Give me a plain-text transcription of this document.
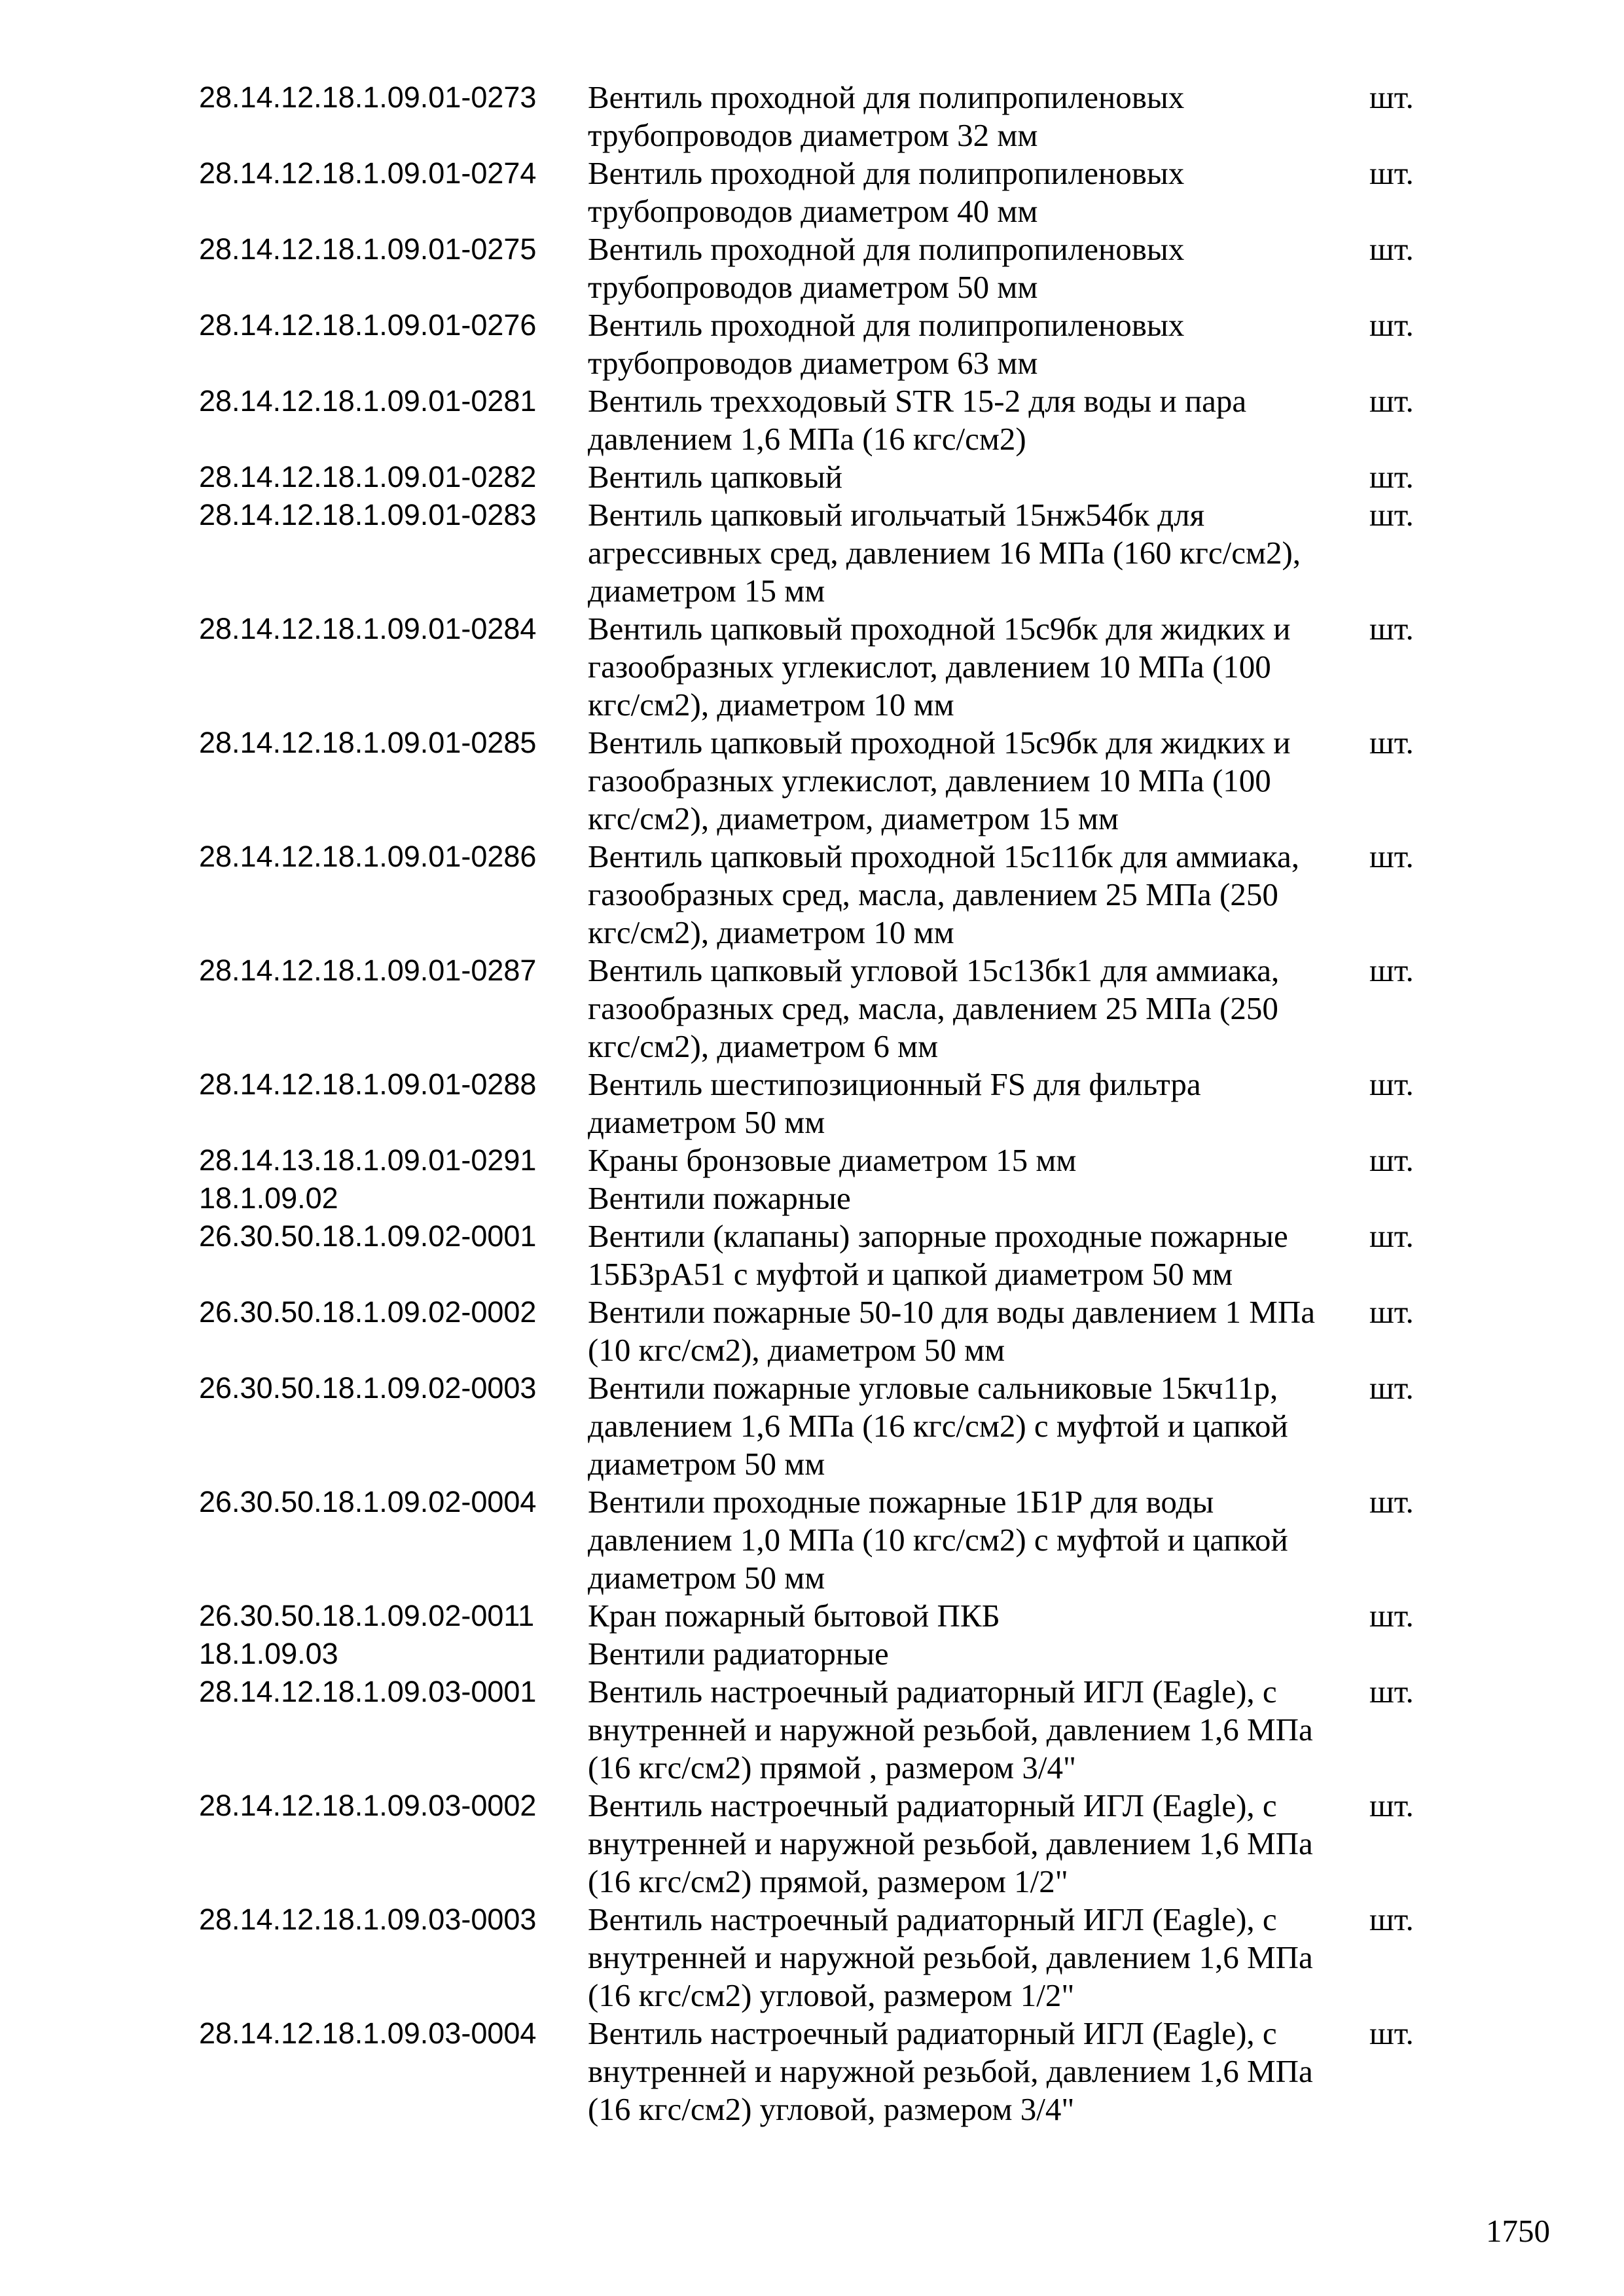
28.14.12.18.1.09.01-0273 Вентиль проходной для полипропиленовых
трубопроводов диаметром 32 мм
шт.
28.14.12.18.1.09.01-0274 Вентиль проходной для полипропиленовых
трубопроводов диаметром 40 мм
шт.
28.14.12.18.1.09.01-0275 Вентиль проходной для полипропиленовых
трубопроводов диаметром 50 мм
шт.
28.14.12.18.1.09.01-0276 Вентиль проходной для полипропиленовых
трубопроводов диаметром 63 мм
шт.
28.14.12.18.1.09.01-0281 Вентиль трехходовый STR 15-2 для воды и пара
давлением 1,6 МПа (16 кгс/см2)
шт.
28.14.12.18.1.09.01-0282 Вентиль цапковый	шт.
28.14.12.18.1.09.01-0283 Вентиль цапковый игольчатый 15нж54бк для
агрессивных сред, давлением 16 МПа (160 кгс/см2),
диаметром 15 мм
шт.
28.14.12.18.1.09.01-0284 Вентиль цапковый проходной 15с9бк для жидких и
газообразных углекислот, давлением 10 МПа (100
кгс/см2), диаметром 10 мм
шт.
28.14.12.18.1.09.01-0285 Вентиль цапковый проходной 15с9бк для жидких и
газообразных углекислот, давлением 10 МПа (100
кгс/см2), диаметром, диаметром 15 мм
шт.
28.14.12.18.1.09.01-0286 Вентиль цапковый проходной 15с11бк для аммиака,
газообразных сред, масла, давлением 25 МПа (250
кгс/см2), диаметром 10 мм
шт.
28.14.12.18.1.09.01-0287 Вентиль цапковый угловой 15с13бк1 для аммиака,
газообразных сред, масла, давлением 25 МПа (250
кгс/см2), диаметром 6 мм
шт.
28.14.12.18.1.09.01-0288 Вентиль шестипозиционный FS для фильтра
диаметром 50 мм
шт.
28.14.13.18.1.09.01-0291 Краны бронзовые диаметром 15 мм	шт.
18.1.09.02	Вентили пожарные
26.30.50.18.1.09.02-0001 Вентили (клапаны) запорные проходные пожарные
15Б3рА51 с муфтой и цапкой диаметром 50 мм
шт.
26.30.50.18.1.09.02-0002 Вентили пожарные 50-10 для воды давлением 1 МПа
(10 кгс/см2), диаметром 50 мм
шт.
26.30.50.18.1.09.02-0003 Вентили пожарные угловые сальниковые 15кч11р,
давлением 1,6 МПа (16 кгс/см2) с муфтой и цапкой
диаметром 50 мм
шт.
26.30.50.18.1.09.02-0004 Вентили проходные пожарные 1Б1Р для воды
давлением 1,0 МПа (10 кгс/см2) с муфтой и цапкой
диаметром 50 мм
шт.
26.30.50.18.1.09.02-0011 Кран пожарный бытовой ПКБ	шт.
18.1.09.03	Вентили радиаторные
28.14.12.18.1.09.03-0001 Вентиль настроечный радиаторный ИГЛ (Eagle), с
внутренней и наружной резьбой, давлением 1,6 МПа
(16 кгс/см2) прямой , размером 3/4"
шт.
28.14.12.18.1.09.03-0002 Вентиль настроечный радиаторный ИГЛ (Eagle), с
внутренней и наружной резьбой, давлением 1,6 МПа
(16 кгс/см2) прямой, размером 1/2"
шт.
28.14.12.18.1.09.03-0003 Вентиль настроечный радиаторный ИГЛ (Eagle), с
внутренней и наружной резьбой, давлением 1,6 МПа
(16 кгс/см2) угловой, размером 1/2"
шт.
28.14.12.18.1.09.03-0004 Вентиль настроечный радиаторный ИГЛ (Eagle), с
внутренней и наружной резьбой, давлением 1,6 МПа
(16 кгс/см2) угловой, размером 3/4"
шт.
1750
